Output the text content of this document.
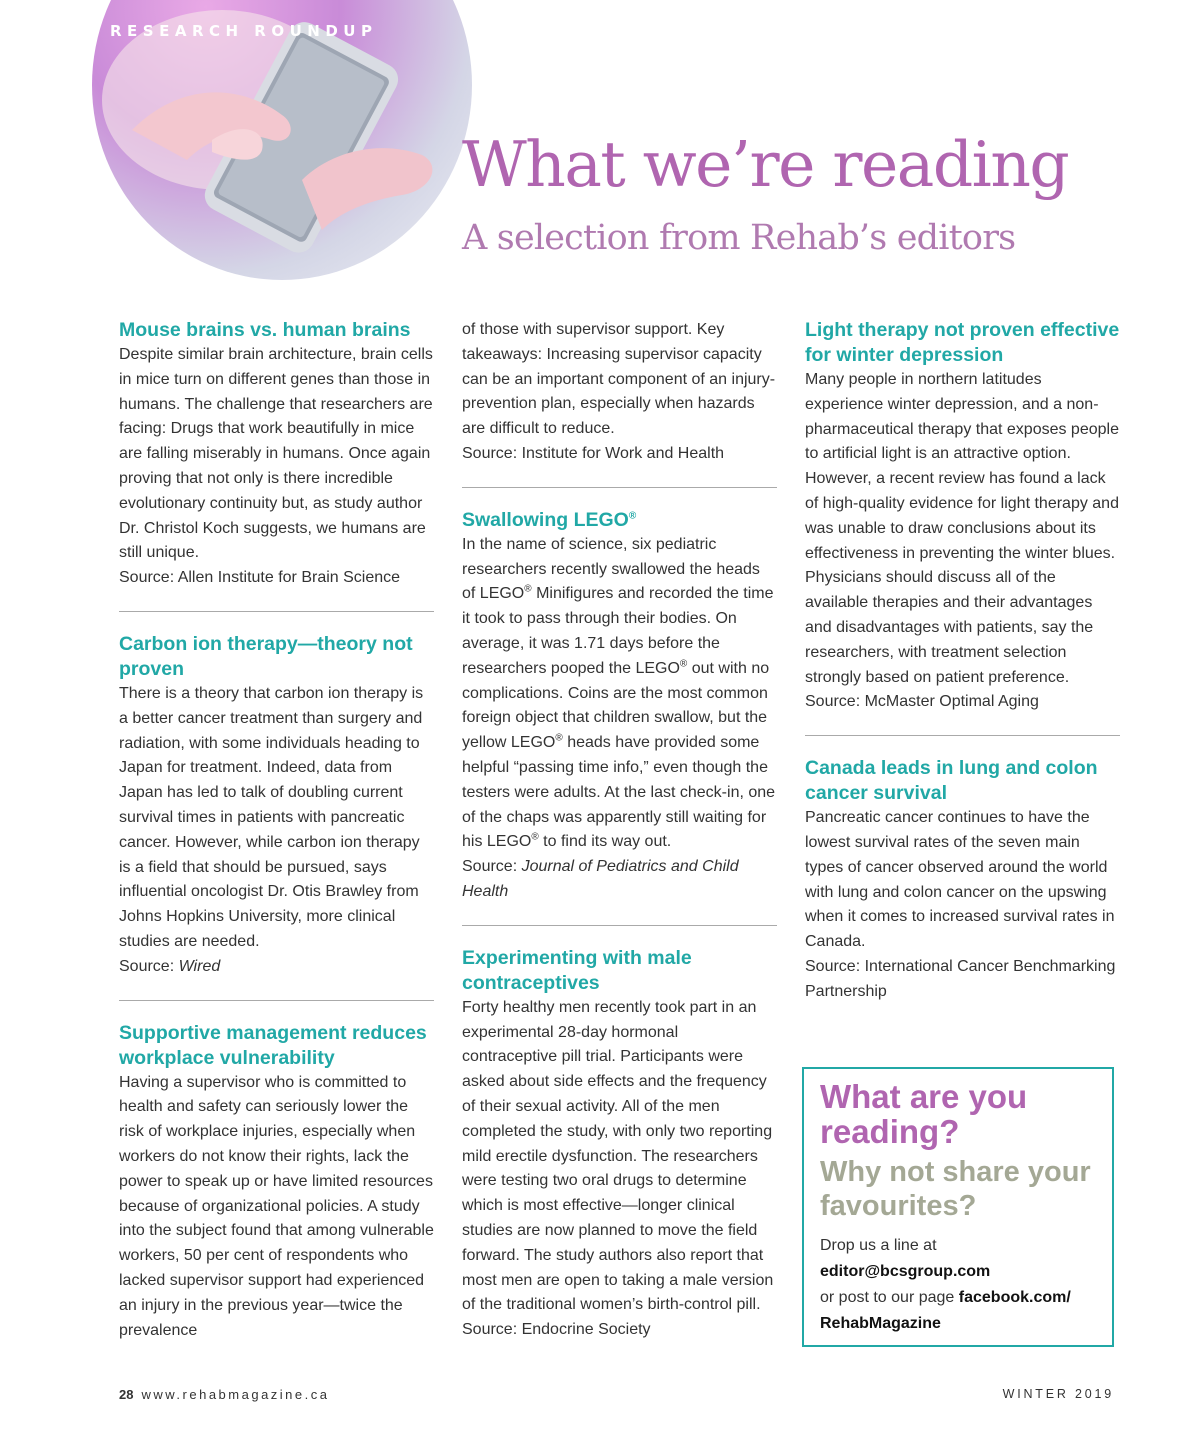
RESEARCH ROUNDUP
What we’re reading
A selection from Rehab’s editors
Mouse brains vs. human brains

Despite similar brain architecture, brain cells in mice turn on different genes than those in humans. The challenge that researchers are facing: Drugs that work beautifully in mice are falling miserably in humans. Once again proving that not only is there incredible evolutionary continuity but, as study author Dr. Christol Koch suggests, we humans are still unique.

Source: Allen Institute for Brain Science
Carbon ion therapy—theory not proven

There is a theory that carbon ion therapy is a better cancer treatment than surgery and radiation, with some individuals heading to Japan for treatment. Indeed, data from Japan has led to talk of doubling current survival times in patients with pancreatic cancer. However, while carbon ion therapy is a field that should be pursued, says influential oncologist Dr. Otis Brawley from Johns Hopkins University, more clinical studies are needed.

Source: Wired
Supportive management reduces workplace vulnerability

Having a supervisor who is committed to health and safety can seriously lower the risk of workplace injuries, especially when workers do not know their rights, lack the power to speak up or have limited resources because of organizational policies. A study into the subject found that among vulnerable workers, 50 per cent of respondents who lacked supervisor support had experienced an injury in the previous year—twice the prevalence

of those with supervisor support. Key takeaways: Increasing supervisor capacity can be an important component of an injury-prevention plan, especially when hazards are difficult to reduce.

Source: Institute for Work and Health
Swallowing LEGO®

In the name of science, six pediatric researchers recently swallowed the heads of LEGO® Minifigures and recorded the time it took to pass through their bodies. On average, it was 1.71 days before the researchers pooped the LEGO® out with no complications. Coins are the most common foreign object that children swallow, but the yellow LEGO® heads have provided some helpful “passing time info,” even though the testers were adults. At the last check-in, one of the chaps was apparently still waiting for his LEGO® to find its way out.

Source: Journal of Pediatrics and Child Health
Experimenting with male contraceptives

Forty healthy men recently took part in an experimental 28-day hormonal contraceptive pill trial. Participants were asked about side effects and the frequency of their sexual activity. All of the men completed the study, with only two reporting mild erectile dysfunction. The researchers were testing two oral drugs to determine which is most effective—longer clinical studies are now planned to move the field forward. The study authors also report that most men are open to taking a male version of the traditional women’s birth-control pill.

Source: Endocrine Society
Light therapy not proven effective for winter depression

Many people in northern latitudes experience winter depression, and a non-pharmaceutical therapy that exposes people to artificial light is an attractive option. However, a recent review has found a lack of high-quality evidence for light therapy and was unable to draw conclusions about its effectiveness in preventing the winter blues. Physicians should discuss all of the available therapies and their advantages and disadvantages with patients, say the researchers, with treatment selection strongly based on patient preference.

Source: McMaster Optimal Aging
Canada leads in lung and colon cancer survival

Pancreatic cancer continues to have the lowest survival rates of the seven main types of cancer observed around the world with lung and colon cancer on the upswing when it comes to increased survival rates in Canada.

Source: International Cancer Benchmarking Partnership
What are you reading?
Why not share your favourites?
Drop us a line at
editor@bcsgroup.com
or post to our page facebook.com/ RehabMagazine
28 www.rehabmagazine.ca	WINTER 2019
